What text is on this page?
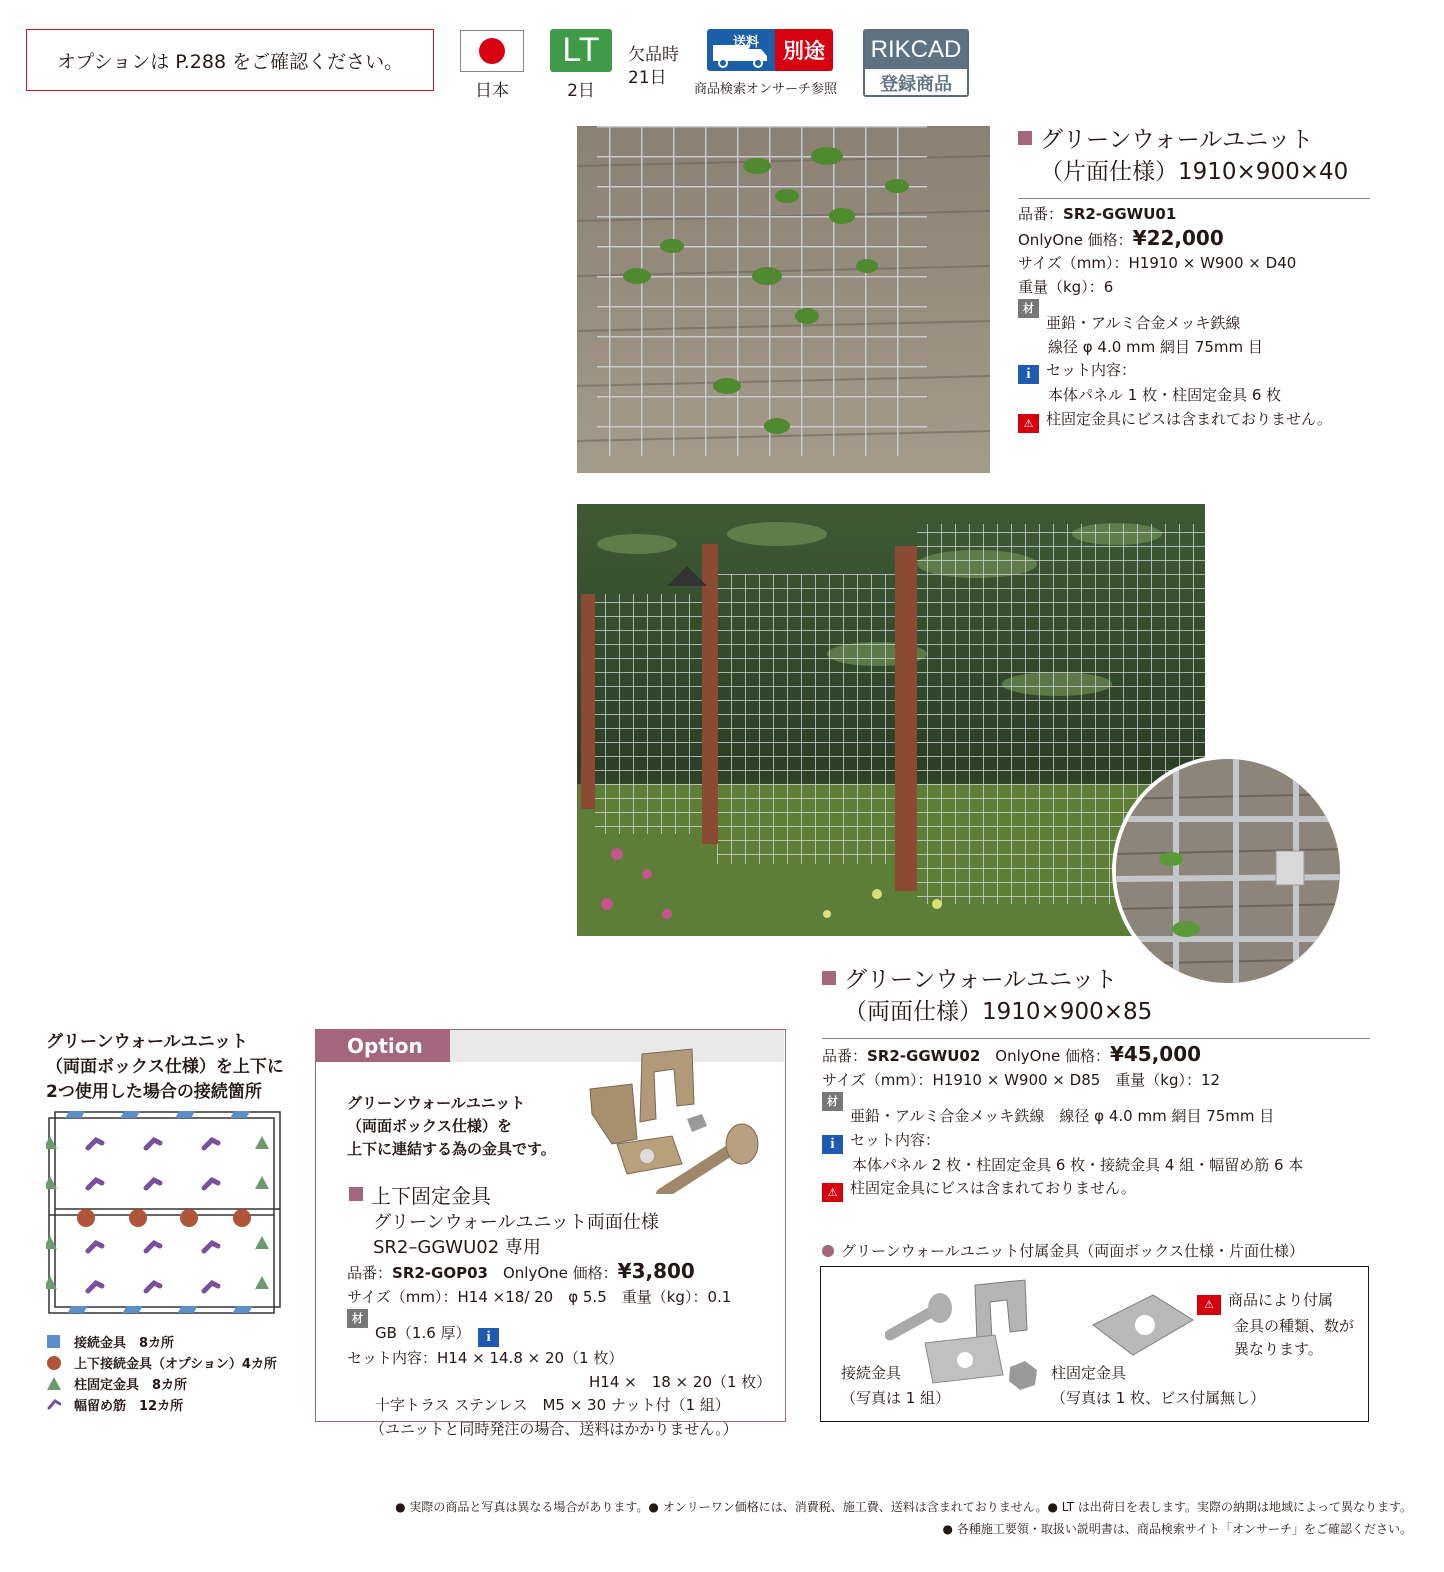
オプションは P.288 をご確認ください。
日本
LT
2日
欠品時
21日
送料	別途
商品検索オンサーチ参照
RIKCAD
登録商品
グリーンウォールユニット
（片面仕様）1910×900×40
品番：SR2-GGWU01
OnlyOne 価格：¥22,000
サイズ（mm）：H1910 × W900 × D40
重量（kg）：6
材質 亜鉛・アルミ合金メッキ鉄線
線径 φ 4.0 mm 網目 75mm 目
i セット内容：
本体パネル 1 枚・柱固定金具 6 枚
⚠ 柱固定金具にビスは含まれておりません。
グリーンウォールユニット
（両面仕様）1910×900×85
品番：SR2-GGWU02　 OnlyOne 価格：¥45,000
サイズ（mm）：H1910 × W900 × D85　重量（kg）：12
材質 亜鉛・アルミ合金メッキ鉄線　線径 φ 4.0 mm 網目 75mm 目
i セット内容：
本体パネル 2 枚・柱固定金具 6 枚・接続金具 4 組・幅留め筋 6 本
⚠ 柱固定金具にビスは含まれておりません。
グリーンウォールユニット
（両面ボックス仕様）を上下に
2つ使用した場合の接続箇所
接続金具　8カ所
上下接続金具（オプション）4カ所
柱固定金具　8カ所
幅留め筋　12カ所
Option
グリーンウォールユニット
（両面ボックス仕様）を
上下に連結する為の金具です。
上下固定金具
グリーンウォールユニット両面仕様
SR2–GGWU02 専用
品番：SR2-GOP03　 OnlyOne 価格：¥3,800
サイズ（mm）：H14 ×18/ 20　φ 5.5　重量（kg）：0.1
材質 GB（1.6 厚）　 iセット内容：H14 × 14.8 × 20（1 枚）
H14 ×　18 × 20（1 枚）
十字トラス ステンレス　M5 × 30 ナット付（1 組）
（ユニットと同時発注の場合、送料はかかりません。）
グリーンウォールユニット付属金具（両面ボックス仕様・片面仕様）
接続金具
（写真は 1 組）
柱固定金具
（写真は 1 枚、ビス付属無し）
⚠ 商品により付属
金具の種類、数が
異なります。
● 実際の商品と写真は異なる場合があります。● オンリーワン価格には、消費税、施工費、送料は含まれておりません。● LT は出荷日を表します。実際の納期は地域によって異なります。
● 各種施工要領・取扱い説明書は、商品検索サイト「オンサーチ」をご確認ください。
